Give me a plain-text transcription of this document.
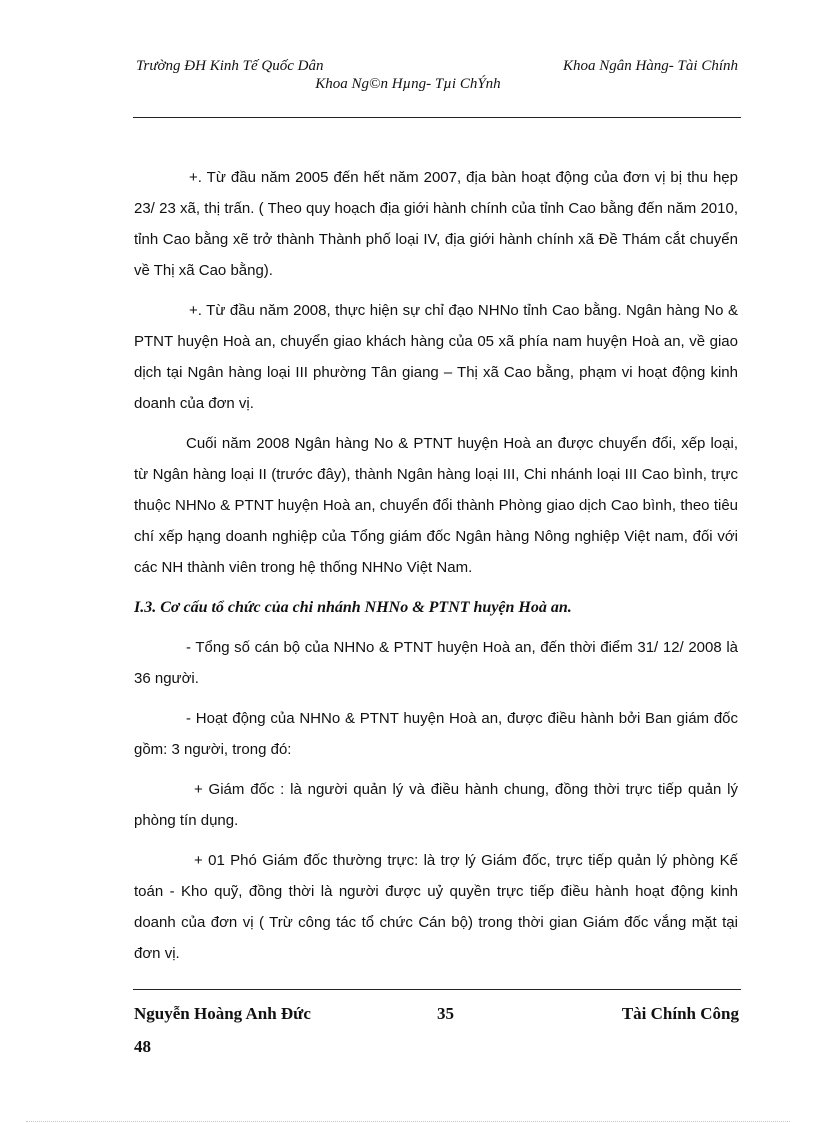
Trường ĐH Kinh Tế Quốc Dân	Khoa Ngân Hàng- Tài Chính
Khoa Ng©n Hµng- Tµi ChÝnh

+. Từ đầu năm 2005 đến hết năm 2007, địa bàn hoạt động của đơn vị bị thu hẹp 23/ 23 xã, thị trấn. ( Theo quy hoạch địa giới hành chính của tỉnh Cao bằng đến năm 2010, tỉnh Cao bằng xẽ trở thành Thành phố loại IV, địa giới hành chính xã Đề Thám cắt chuyển về Thị xã Cao bằng).

+. Từ đầu năm 2008, thực hiện sự chỉ đạo NHNo tỉnh Cao bằng. Ngân hàng No & PTNT huyện Hoà an, chuyển giao khách hàng của 05 xã phía nam huyện Hoà an, về giao dịch tại Ngân hàng loại III phường Tân giang – Thị xã Cao bằng, phạm vi hoạt động kinh doanh của đơn vị.

Cuối năm 2008 Ngân hàng No & PTNT huyện Hoà an được chuyển đổi, xếp loại, từ Ngân hàng loại II (trước đây), thành Ngân hàng loại III, Chi nhánh loại III Cao bình, trực thuộc NHNo & PTNT huyện Hoà an, chuyển đổi thành Phòng giao dịch Cao bình, theo tiêu chí xếp hạng doanh nghiệp của Tổng giám đốc Ngân hàng Nông nghiệp Việt nam, đối với các NH thành viên trong hệ thống NHNo Việt Nam.

I.3. Cơ cấu tổ chức của chi nhánh NHNo & PTNT huyện Hoà an.

- Tổng số cán bộ của NHNo & PTNT huyện Hoà an, đến thời điểm 31/ 12/ 2008 là 36 người.

- Hoạt động của NHNo & PTNT huyện Hoà an, được điều hành bởi Ban giám đốc gồm: 3 người, trong đó:

+ Giám đốc : là người quản lý và điều hành chung, đồng thời trực tiếp quản lý phòng tín dụng.

+ 01 Phó Giám đốc thường trực: là trợ lý Giám đốc, trực tiếp quản lý phòng Kế toán - Kho quỹ, đồng thời là người được uỷ quyền trực tiếp điều hành hoạt động kinh doanh của đơn vị ( Trừ công tác tổ chức Cán bộ) trong thời gian Giám đốc vắng mặt tại đơn vị.

Nguyễn Hoàng Anh Đức	35	Tài Chính Công
48
